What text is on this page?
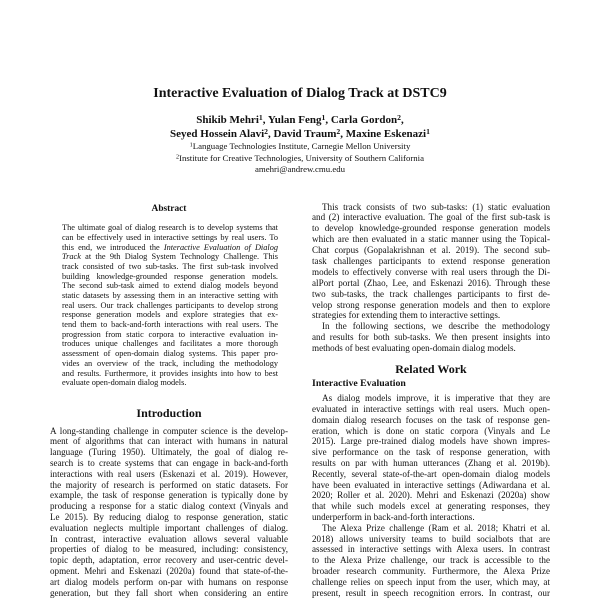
Interactive Evaluation of Dialog Track at DSTC9
Shikib Mehri$^1$, Yulan Feng$^1$, Carla Gordon$^2$,
Seyed Hossein Alavi$^2$, David Traum$^2$, Maxine Eskenazi$^1$
$^1$Language Technologies Institute, Carnegie Mellon University
$^2$Institute for Creative Technologies, University of Southern California
amehri@andrew.cmu.edu
Abstract
The ultimate goal of dialog research is to develop systems that
can be effectively used in interactive settings by real users. To
this end, we introduced the Interactive Evaluation of Dialog
Track at the 9th Dialog System Technology Challenge. This
track consisted of two sub-tasks. The first sub-task involved
building knowledge-grounded response generation models.
The second sub-task aimed to extend dialog models beyond
static datasets by assessing them in an interactive setting with
real users. Our track challenges participants to develop strong
response generation models and explore strategies that ex-
tend them to back-and-forth interactions with real users. The
progression from static corpora to interactive evaluation in-
troduces unique challenges and facilitates a more thorough
assessment of open-domain dialog systems. This paper pro-
vides an overview of the track, including the methodology
and results. Furthermore, it provides insights into how to best
evaluate open-domain dialog models.
Introduction
A long-standing challenge in computer science is the develop-
ment of algorithms that can interact with humans in natural
language (Turing 1950). Ultimately, the goal of dialog re-
search is to create systems that can engage in back-and-forth
interactions with real users (Eskenazi et al. 2019). However,
the majority of research is performed on static datasets. For
example, the task of response generation is typically done by
producing a response for a static dialog context (Vinyals and
Le 2015). By reducing dialog to response generation, static
evaluation neglects multiple important challenges of dialog.
In contrast, interactive evaluation allows several valuable
properties of dialog to be measured, including: consistency,
topic depth, adaptation, error recovery and user-centric devel-
opment. Mehri and Eskenazi (2020a) found that state-of-the-
art dialog models perform on-par with humans on response
generation, but they fall short when considering an entire
This track consists of two sub-tasks: (1) static evaluation
and (2) interactive evaluation. The goal of the first sub-task is
to develop knowledge-grounded response generation models
which are then evaluated in a static manner using the Topical-
Chat corpus (Gopalakrishnan et al. 2019). The second sub-
task challenges participants to extend response generation
models to effectively converse with real users through the Di-
alPort portal (Zhao, Lee, and Eskenazi 2016). Through these
two sub-tasks, the track challenges participants to first de-
velop strong response generation models and then to explore
strategies for extending them to interactive settings.
In the following sections, we describe the methodology
and results for both sub-tasks. We then present insights into
methods of best evaluating open-domain dialog models.
Related Work
Interactive Evaluation
As dialog models improve, it is imperative that they are
evaluated in interactive settings with real users. Much open-
domain dialog research focuses on the task of response gen-
eration, which is done on static corpora (Vinyals and Le
2015). Large pre-trained dialog models have shown impres-
sive performance on the task of response generation, with
results on par with human utterances (Zhang et al. 2019b).
Recently, several state-of-the-art open-domain dialog models
have been evaluated in interactive settings (Adiwardana et al.
2020; Roller et al. 2020). Mehri and Eskenazi (2020a) show
that while such models excel at generating responses, they
underperform in back-and-forth interactions.
The Alexa Prize challenge (Ram et al. 2018; Khatri et al.
2018) allows university teams to build socialbots that are
assessed in interactive settings with Alexa users. In contrast
to the Alexa Prize challenge, our track is accessible to the
broader research community. Furthermore, the Alexa Prize
challenge relies on speech input from the user, which may, at
present, result in speech recognition errors. In contrast, our
